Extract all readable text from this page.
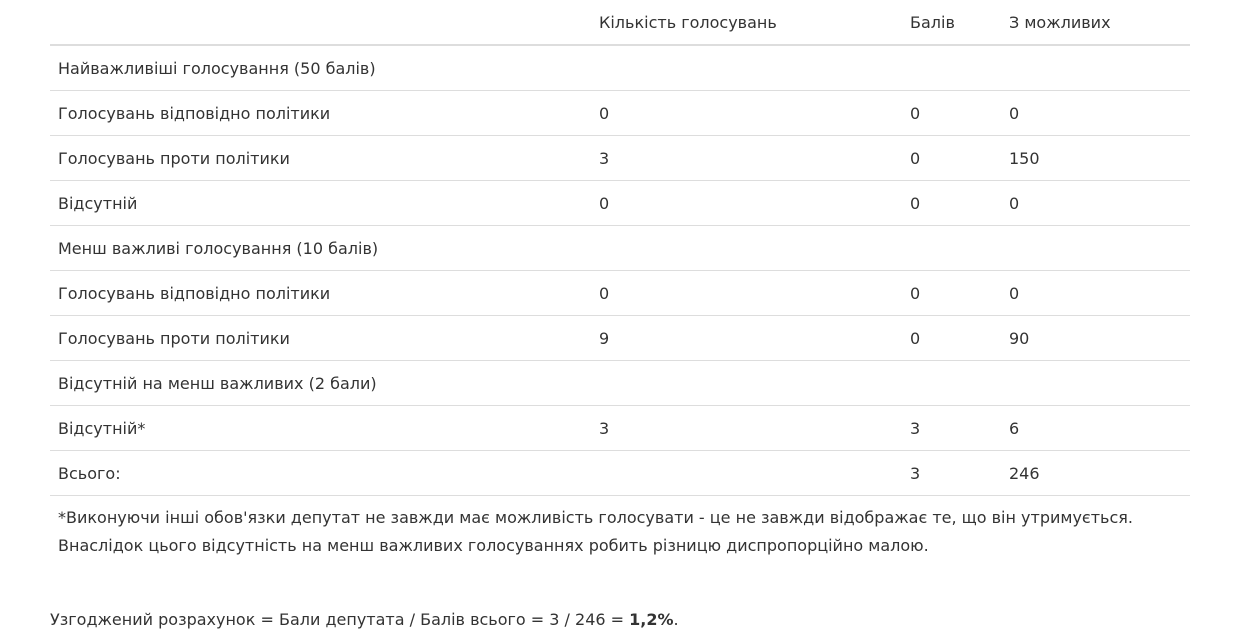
	Кількість голосувань	Балів	З можливих
Найважливіші голосування (50 балів)			
Голосувань відповідно політики	0	0	0
Голосувань проти політики	3	0	150
Відсутній	0	0	0
Менш важливі голосування (10 балів)			
Голосувань відповідно політики	0	0	0
Голосувань проти політики	9	0	90
Відсутній на менш важливих (2 бали)			
Відсутній*	3	3	6
Всього:		3	246
*Виконуючи інші обов'язки депутат не завжди має можливість голосувати - це не завжди відображає те, що він утримується.
Внаслідок цього відсутність на менш важливих голосуваннях робить різницю диспропорційно малою.
Узгоджений розрахунок = Бали депутата / Балів всього = 3 / 246 = 1,2%.
